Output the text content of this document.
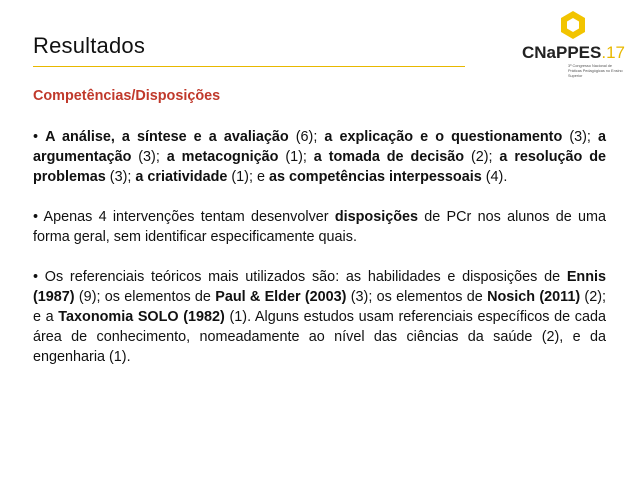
Resultados	CNaPPES.17
3º Congresso Nacional de Práticas Pedagógicas no Ensino Superior
Competências/Disposições
• A análise, a síntese e a avaliação (6); a explicação e o questionamento (3); a argumentação (3); a metacognição (1); a tomada de decisão (2); a resolução de problemas (3); a criatividade (1); e as competências interpessoais (4).
• Apenas 4 intervenções tentam desenvolver disposições de PCr nos alunos de uma forma geral, sem identificar especificamente quais.
• Os referenciais teóricos mais utilizados são: as habilidades e disposições de Ennis (1987) (9); os elementos de Paul & Elder (2003) (3); os elementos de Nosich (2011) (2); e a Taxonomia SOLO (1982) (1). Alguns estudos usam referenciais específicos de cada área de conhecimento, nomeadamente ao nível das ciências da saúde (2), e da engenharia (1).
